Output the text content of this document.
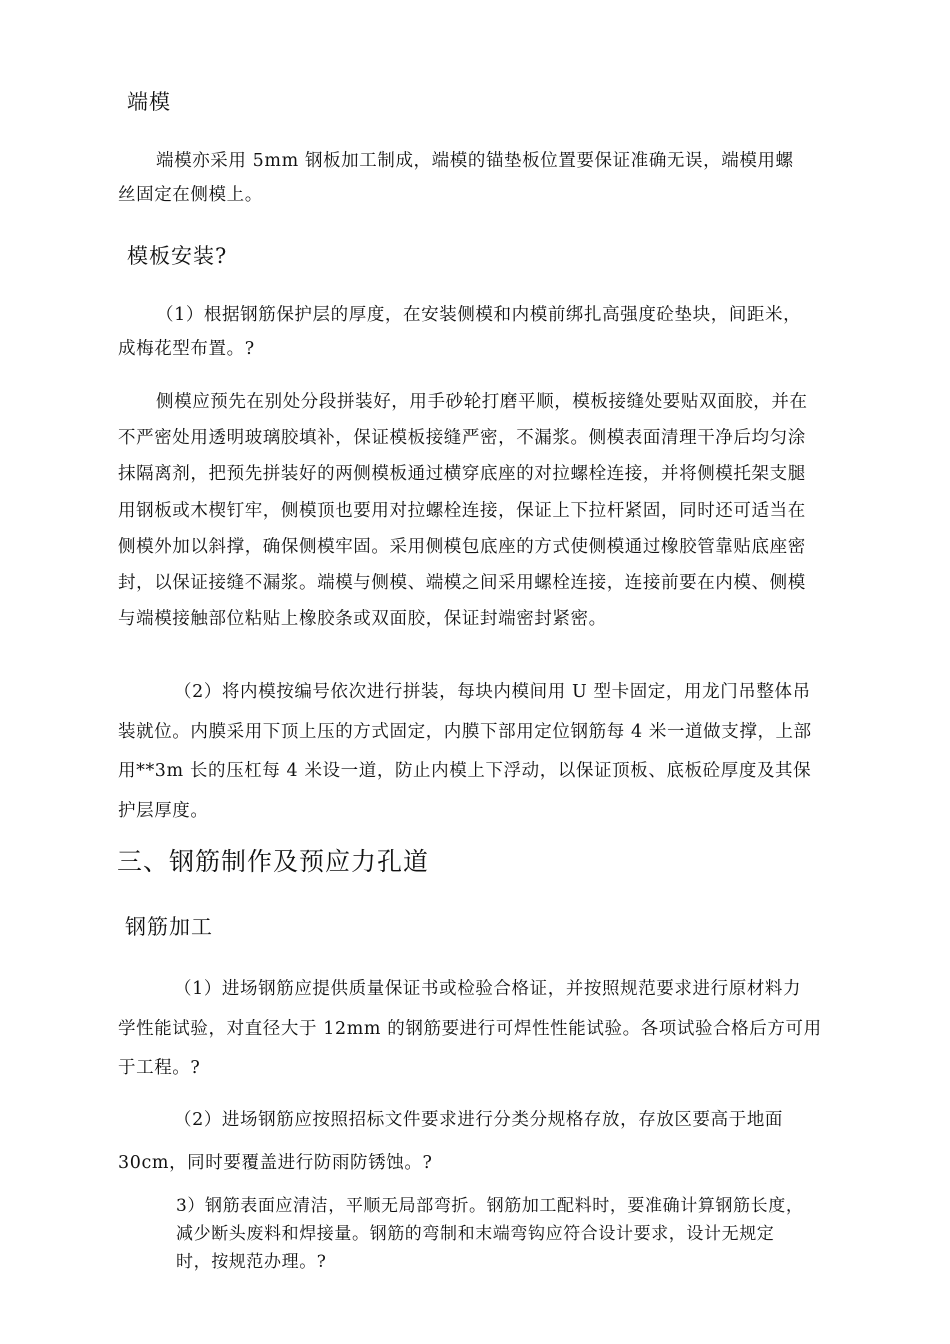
端模
端模亦采用 5mm 钢板加工制成，端模的锚垫板位置要保证准确无误，端模用螺
丝固定在侧模上。
模板安装?
（1）根据钢筋保护层的厚度，在安装侧模和内模前绑扎高强度砼垫块，间距米，
成梅花型布置。?
侧模应预先在别处分段拼装好，用手砂轮打磨平顺，模板接缝处要贴双面胶，并在
不严密处用透明玻璃胶填补，保证模板接缝严密，不漏浆。侧模表面清理干净后均匀涂
抹隔离剂，把预先拼装好的两侧模板通过横穿底座的对拉螺栓连接，并将侧模托架支腿
用钢板或木楔钉牢，侧模顶也要用对拉螺栓连接，保证上下拉杆紧固，同时还可适当在
侧模外加以斜撑，确保侧模牢固。采用侧模包底座的方式使侧模通过橡胶管靠贴底座密
封，以保证接缝不漏浆。端模与侧模、端模之间采用螺栓连接，连接前要在内模、侧模
与端模接触部位粘贴上橡胶条或双面胶，保证封端密封紧密。
（2）将内模按编号依次进行拼装，每块内模间用 U 型卡固定，用龙门吊整体吊
装就位。内膜采用下顶上压的方式固定，内膜下部用定位钢筋每 4 米一道做支撑，上部
用**3m 长的压杠每 4 米设一道，防止内模上下浮动，以保证顶板、底板砼厚度及其保
护层厚度。
三、钢筋制作及预应力孔道
钢筋加工
（1）进场钢筋应提供质量保证书或检验合格证，并按照规范要求进行原材料力
学性能试验，对直径大于 12mm 的钢筋要进行可焊性性能试验。各项试验合格后方可用
于工程。?
（2）进场钢筋应按照招标文件要求进行分类分规格存放，存放区要高于地面
30cm，同时要覆盖进行防雨防锈蚀。?
3）钢筋表面应清洁，平顺无局部弯折。钢筋加工配料时，要准确计算钢筋长度，
减少断头废料和焊接量。钢筋的弯制和末端弯钩应符合设计要求，设计无规定
时，按规范办理。?
